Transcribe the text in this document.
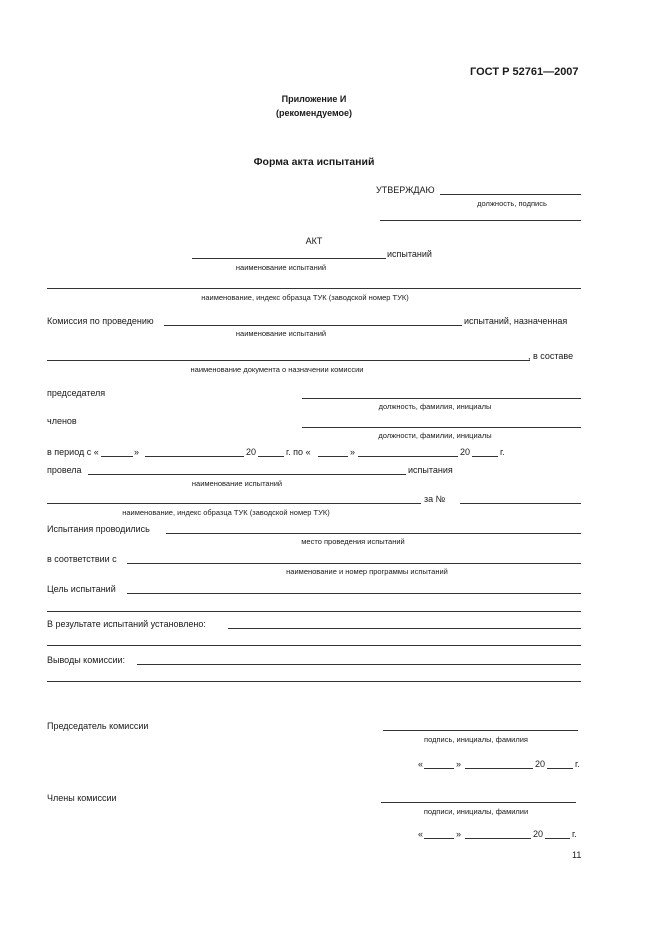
ГОСТ Р 52761—2007
Приложение И
(рекомендуемое)
Форма акта испытаний
УТВЕРЖДАЮ
должность, подпись
АКТ
испытаний
наименование испытаний
наименование, индекс образца ТУК (заводской номер ТУК)
Комиссия по проведению	испытаний, назначенная
наименование испытаний
, в составе
наименование документа о назначении комиссии
председателя
должность, фамилия, инициалы
членов
должности, фамилии, инициалы
в период с «	»	20	г. по «	»	20	г.
провела	испытания
наименование испытаний
за №
наименование, индекс образца ТУК (заводской номер ТУК)
Испытания проводились
место проведения испытаний
в соответствии с
наименование и номер программы испытаний
Цель испытаний
В результате испытаний установлено:
Выводы комиссии:
Председатель комиссии
подпись, инициалы, фамилия
«	»	20	г.
Члены комиссии
подписи, инициалы, фамилии
«	»	20	г.
11
